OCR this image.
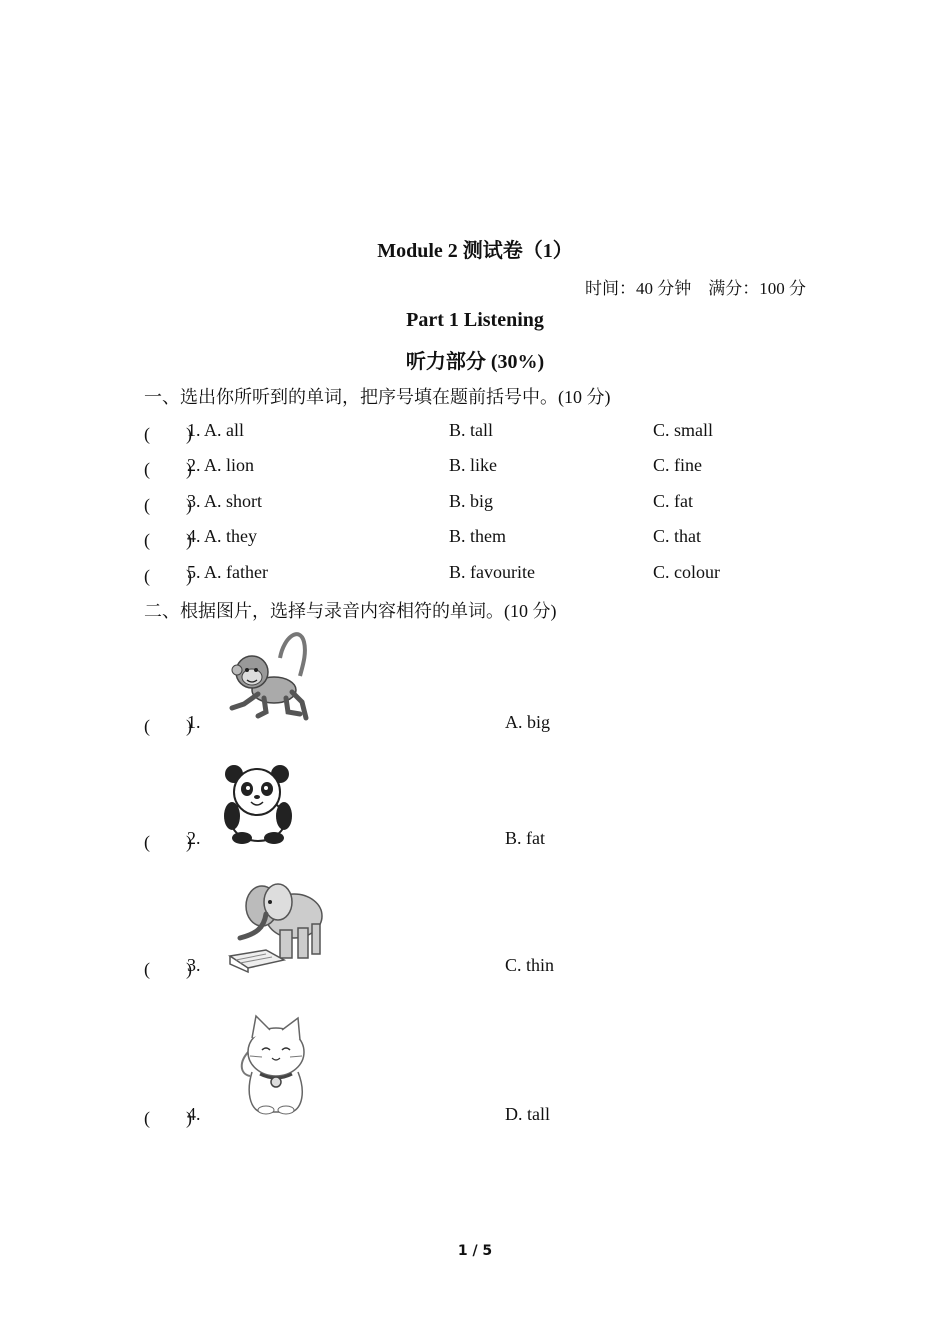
Module 2 测试卷（1）
时间：40 分钟　满分：100 分
Part 1 Listening
听力部分 (30%)
一、选出你所听到的单词，把序号填在题前括号中。(10 分)
(　　)
1. A. all	B. tall	C. small
(　　)
2. A. lion	B. like	C. fine
(　　)
3. A. short	B. big	C. fat
(　　)
4. A. they	B. them	C. that
(　　)
5. A. father	B. favourite	C. colour
二、根据图片，选择与录音内容相符的单词。(10 分)
(　　)
1.	A. big
(　　)
2.	B. fat
(　　)
3.	C. thin
(　　)
4.	D. tall
1 / 5
